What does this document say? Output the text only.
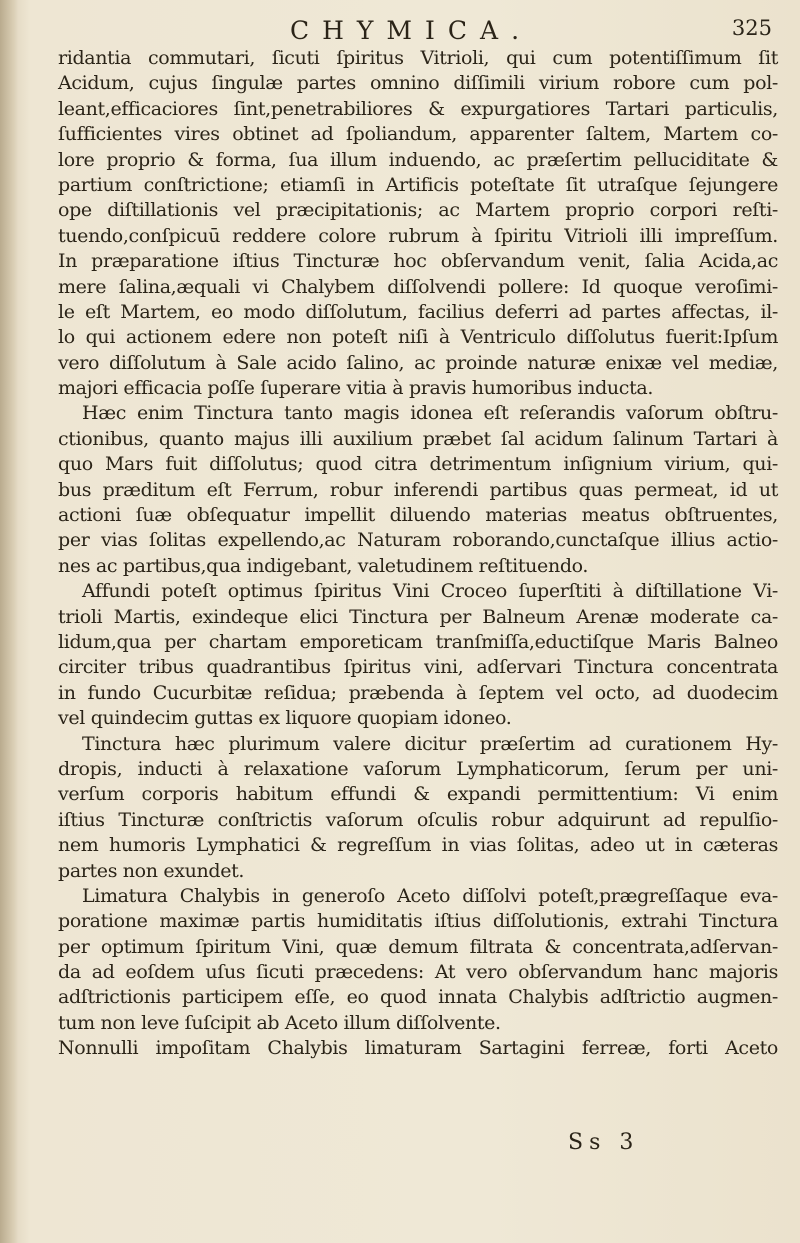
CHYMICA.	325
ridantia commutari, ſicuti ſpiritus Vitrioli, qui cum potentiſſimum ſit
Acidum, cujus ſingulæ partes omnino diſſimili virium robore cum pol-
leant,efficaciores ſint,penetrabiliores & expurgatiores Tartari particulis,
ſufficientes vires obtinet ad ſpoliandum, apparenter ſaltem, Martem co-
lore proprio & forma, ſua illum induendo, ac præſertim pelluciditate &
partium conſtrictione; etiamſi in Artificis poteſtate ſit utraſque ſejungere
ope diſtillationis vel præcipitationis; ac Martem proprio corpori reſti-
tuendo,conſpicuū reddere colore rubrum à ſpiritu Vitrioli illi impreſſum.
In præparatione iſtius Tincturæ hoc obſervandum venit, ſalia Acida,ac
mere ſalina,æquali vi Chalybem diſſolvendi pollere: Id quoque veroſimi-
le eſt Martem, eo modo diſſolutum, facilius deferri ad partes affectas, il-
lo qui actionem edere non poteſt niſi à Ventriculo diſſolutus fuerit:Ipſum
vero diſſolutum à Sale acido ſalino, ac proinde naturæ enixæ vel mediæ,
majori efficacia poſſe ſuperare vitia à pravis humoribus inducta.
Hæc enim Tinctura tanto magis idonea eſt reſerandis vaſorum obſtru-
ctionibus, quanto majus illi auxilium præbet ſal acidum ſalinum Tartari à
quo Mars fuit diſſolutus; quod citra detrimentum inſignium virium, qui-
bus præditum eſt Ferrum, robur inferendi partibus quas permeat, id ut
actioni ſuæ obſequatur impellit diluendo materias meatus obſtruentes,
per vias ſolitas expellendo,ac Naturam roborando,cunctaſque illius actio-
nes ac partibus,qua indigebant, valetudinem reſtituendo.
Affundi poteſt optimus ſpiritus Vini Croceo ſuperſtiti à diſtillatione Vi-
trioli Martis, exindeque elici Tinctura per Balneum Arenæ moderate ca-
lidum,qua per chartam emporeticam tranſmiſſa,eductiſque Maris Balneo
circiter tribus quadrantibus ſpiritus vini, adſervari Tinctura concentrata
in fundo Cucurbitæ reſidua; præbenda à ſeptem vel octo, ad duodecim
vel quindecim guttas ex liquore quopiam idoneo.
Tinctura hæc plurimum valere dicitur præſertim ad curationem Hy-
dropis, inducti à relaxatione vaſorum Lymphaticorum, ſerum per uni-
verſum corporis habitum effundi & expandi permittentium: Vi enim
iſtius Tincturæ conſtrictis vaſorum oſculis robur adquirunt ad repulſio-
nem humoris Lymphatici & regreſſum in vias ſolitas, adeo ut in cæteras
partes non exundet.
Limatura Chalybis in generoſo Aceto diſſolvi poteſt,prægreſſaque eva-
poratione maximæ partis humiditatis iſtius diſſolutionis, extrahi Tinctura
per optimum ſpiritum Vini, quæ demum filtrata & concentrata,adſervan-
da ad eoſdem uſus ſicuti præcedens: At vero obſervandum hanc majoris
adſtrictionis participem eſſe, eo quod innata Chalybis adſtrictio augmen-
tum non leve ſuſcipit ab Aceto illum diſſolvente.
Nonnulli impoſitam Chalybis limaturam Sartagini ferreæ, forti Aceto
Ss 3
